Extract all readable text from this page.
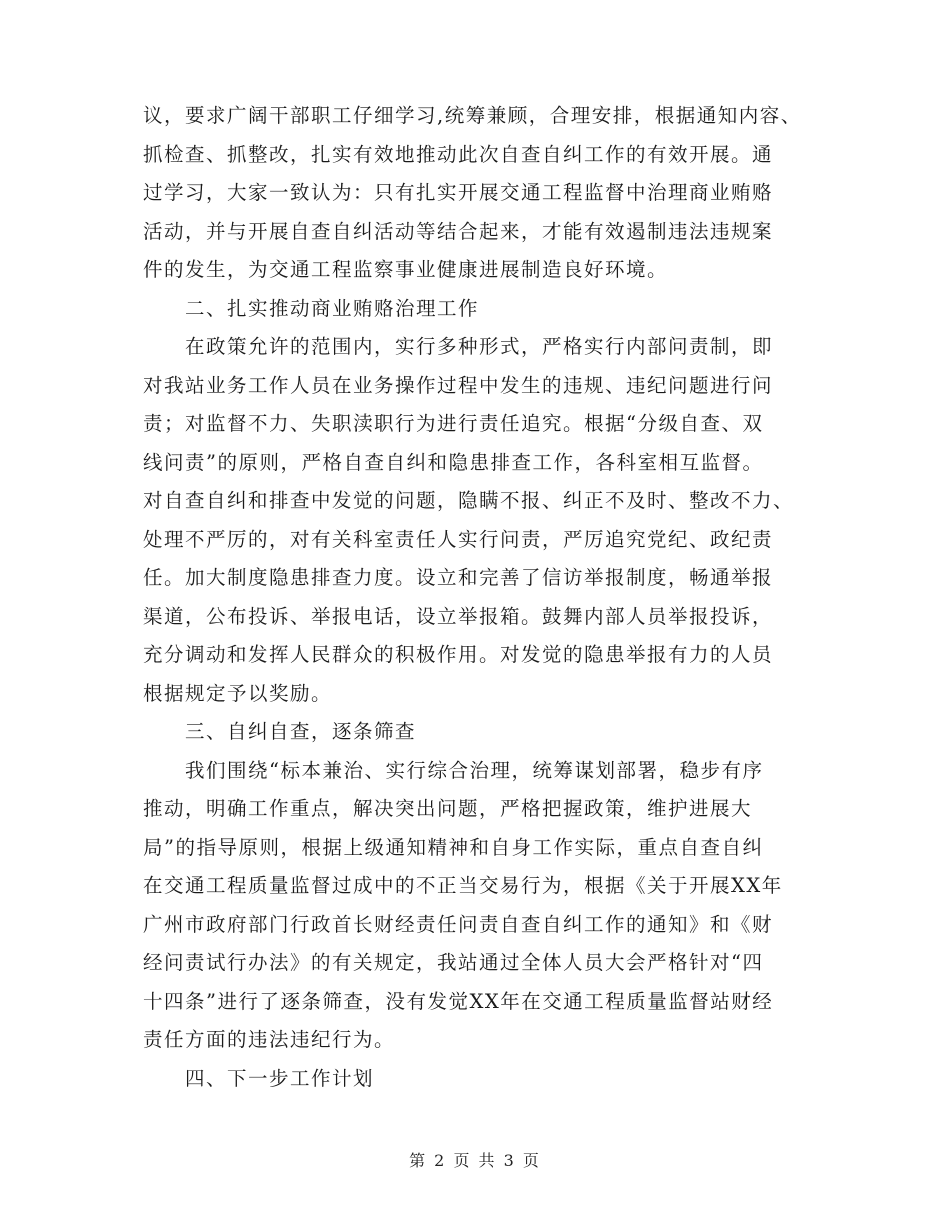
议，要求广阔干部职工仔细学习,统筹兼顾，合理安排，根据通知内容、
抓检查、抓整改，扎实有效地推动此次自查自纠工作的有效开展。通
过学习，大家一致认为：只有扎实开展交通工程监督中治理商业贿赂
活动，并与开展自查自纠活动等结合起来，才能有效遏制违法违规案
件的发生，为交通工程监察事业健康进展制造良好环境。
二、扎实推动商业贿赂治理工作
在政策允许的范围内，实行多种形式，严格实行内部问责制，即
对我站业务工作人员在业务操作过程中发生的违规、违纪问题进行问
责；对监督不力、失职渎职行为进行责任追究。根据“分级自查、双
线问责”的原则，严格自查自纠和隐患排查工作，各科室相互监督。
对自查自纠和排查中发觉的问题，隐瞒不报、纠正不及时、整改不力、
处理不严厉的，对有关科室责任人实行问责，严厉追究党纪、政纪责
任。加大制度隐患排查力度。设立和完善了信访举报制度，畅通举报
渠道，公布投诉、举报电话，设立举报箱。鼓舞内部人员举报投诉，
充分调动和发挥人民群众的积极作用。对发觉的隐患举报有力的人员
根据规定予以奖励。
三、自纠自查，逐条筛查
我们围绕“标本兼治、实行综合治理，统筹谋划部署，稳步有序
推动，明确工作重点，解决突出问题，严格把握政策，维护进展大
局”的指导原则，根据上级通知精神和自身工作实际，重点自查自纠
在交通工程质量监督过成中的不正当交易行为，根据《关于开展XX年
广州市政府部门行政首长财经责任问责自查自纠工作的通知》和《财
经问责试行办法》的有关规定，我站通过全体人员大会严格针对“四
十四条”进行了逐条筛查，没有发觉XX年在交通工程质量监督站财经
责任方面的违法违纪行为。
四、下一步工作计划
第 2 页 共 3 页
